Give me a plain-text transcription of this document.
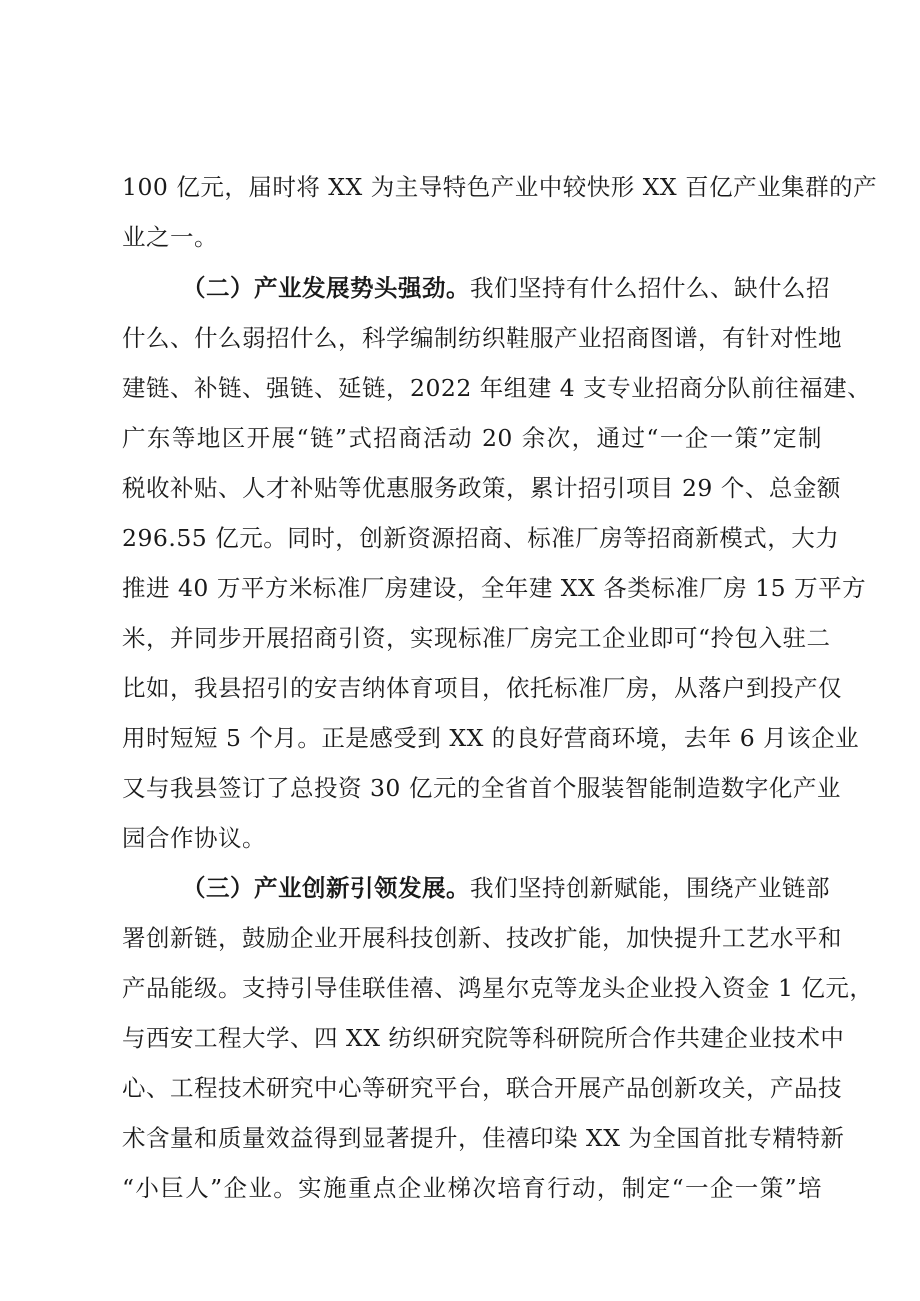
100 亿元，届时将 XX 为主导特色产业中较快形 XX 百亿产业集群的产
业之一。
（二）产业发展势头强劲。我们坚持有什么招什么、缺什么招
什么、什么弱招什么，科学编制纺织鞋服产业招商图谱，有针对性地
建链、补链、强链、延链，2022 年组建 4 支专业招商分队前往福建、
广东等地区开展“链”式招商活动 20 余次，通过“一企一策”定制
税收补贴、人才补贴等优惠服务政策，累计招引项目 29 个、总金额
296.55 亿元。同时，创新资源招商、标准厂房等招商新模式，大力
推进 40 万平方米标准厂房建设，全年建 XX 各类标准厂房 15 万平方
米，并同步开展招商引资，实现标准厂房完工企业即可“拎包入驻二
比如，我县招引的安吉纳体育项目，依托标准厂房，从落户到投产仅
用时短短 5 个月。正是感受到 XX 的良好营商环境，去年 6 月该企业
又与我县签订了总投资 30 亿元的全省首个服装智能制造数字化产业
园合作协议。
（三）产业创新引领发展。我们坚持创新赋能，围绕产业链部
署创新链，鼓励企业开展科技创新、技改扩能，加快提升工艺水平和
产品能级。支持引导佳联佳禧、鸿星尔克等龙头企业投入资金 1 亿元，
与西安工程大学、四 XX 纺织研究院等科研院所合作共建企业技术中
心、工程技术研究中心等研究平台，联合开展产品创新攻关，产品技
术含量和质量效益得到显著提升，佳禧印染 XX 为全国首批专精特新
“小巨人”企业。实施重点企业梯次培育行动，制定“一企一策”培
